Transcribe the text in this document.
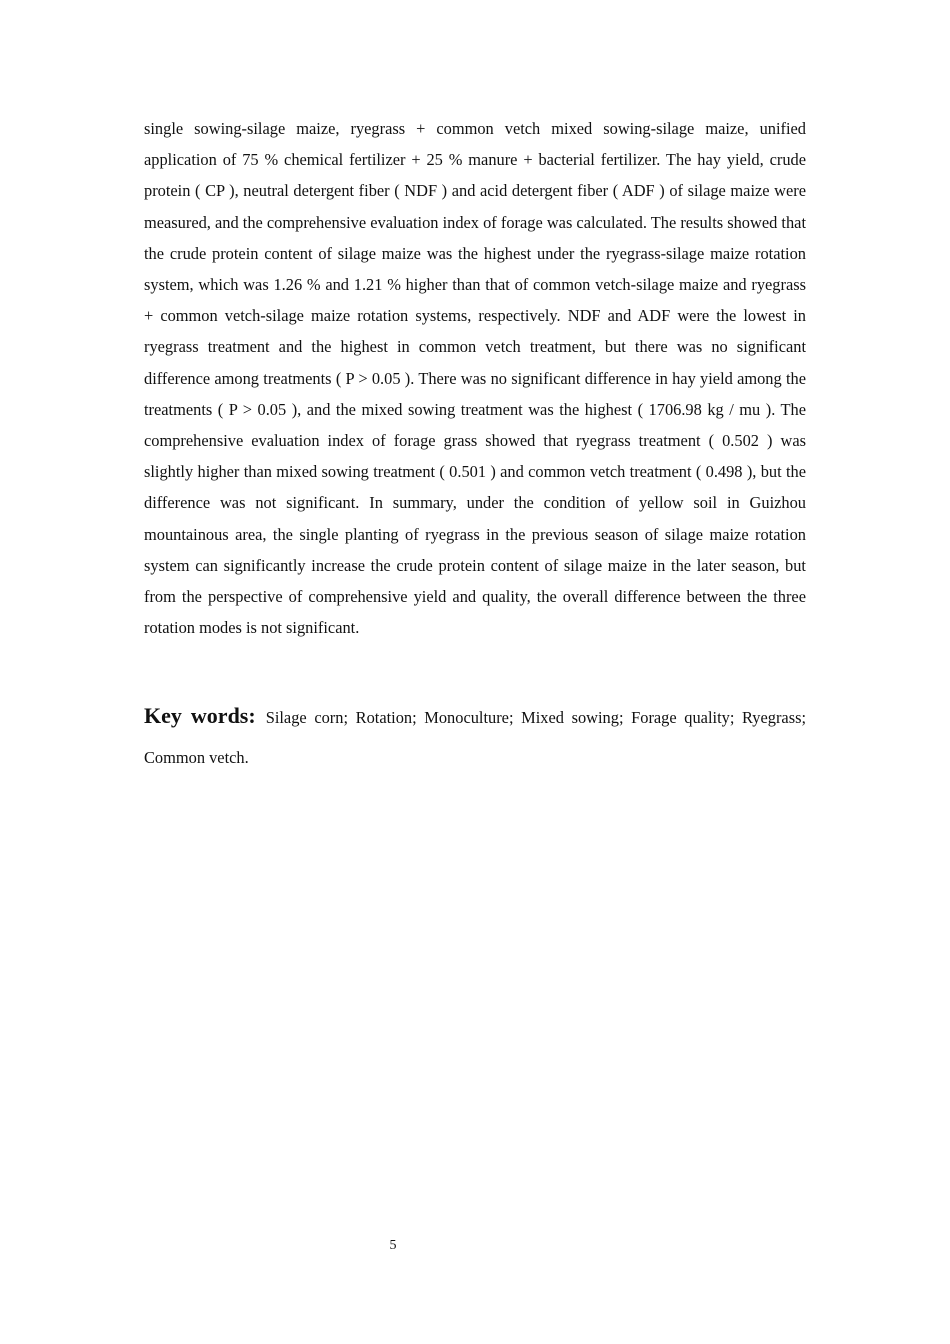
single sowing-silage maize, ryegrass + common vetch mixed sowing-silage maize, unified application of 75 % chemical fertilizer + 25 % manure + bacterial fertilizer. The hay yield, crude protein ( CP ), neutral detergent fiber ( NDF ) and acid detergent fiber ( ADF ) of silage maize were measured, and the comprehensive evaluation index of forage was calculated. The results showed that the crude protein content of silage maize was the highest under the ryegrass-silage maize rotation system, which was 1.26 % and 1.21 % higher than that of common vetch-silage maize and ryegrass + common vetch-silage maize rotation systems, respectively. NDF and ADF were the lowest in ryegrass treatment and the highest in common vetch treatment, but there was no significant difference among treatments ( P > 0.05 ). There was no significant difference in hay yield among the treatments ( P > 0.05 ), and the mixed sowing treatment was the highest ( 1706.98 kg / mu ). The comprehensive evaluation index of forage grass showed that ryegrass treatment ( 0.502 ) was slightly higher than mixed sowing treatment ( 0.501 ) and common vetch treatment ( 0.498 ), but the difference was not significant. In summary, under the condition of yellow soil in Guizhou mountainous area, the single planting of ryegrass in the previous season of silage maize rotation system can significantly increase the crude protein content of silage maize in the later season, but from the perspective of comprehensive yield and quality, the overall difference between the three rotation modes is not significant.

Key words: Silage corn; Rotation; Monoculture; Mixed sowing; Forage quality; Ryegrass; Common vetch.

5
